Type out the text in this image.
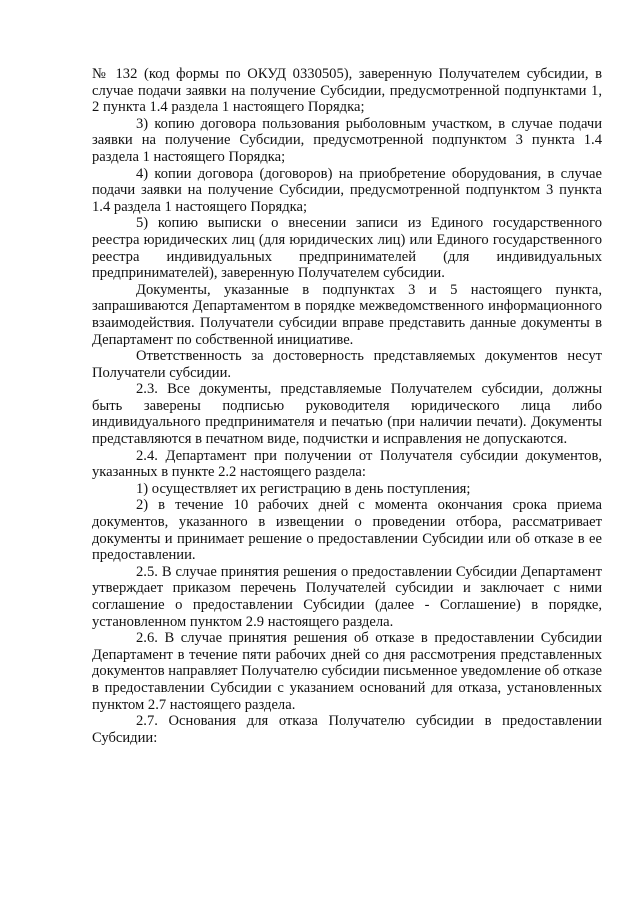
№ 132 (код формы по ОКУД 0330505), заверенную Получателем субсидии, в случае подачи заявки на получение Субсидии, предусмотренной подпунктами 1, 2 пункта 1.4 раздела 1 настоящего Порядка;

3) копию договора пользования рыболовным участком, в случае подачи заявки на получение Субсидии, предусмотренной подпунктом 3 пункта 1.4 раздела 1 настоящего Порядка;

4) копии договора (договоров) на приобретение оборудования, в случае подачи заявки на получение Субсидии, предусмотренной подпунктом 3 пункта 1.4 раздела 1 настоящего Порядка;

5) копию выписки о внесении записи из Единого государственного реестра юридических лиц (для юридических лиц) или Единого государственного реестра индивидуальных предпринимателей (для индивидуальных предпринимателей), заверенную Получателем субсидии.

Документы, указанные в подпунктах 3 и 5 настоящего пункта, запрашиваются Департаментом в порядке межведомственного информационного взаимодействия. Получатели субсидии вправе представить данные документы в Департамент по собственной инициативе.

Ответственность за достоверность представляемых документов несут Получатели субсидии.

2.3. Все документы, представляемые Получателем субсидии, должны быть заверены подписью руководителя юридического лица либо индивидуального предпринимателя и печатью (при наличии печати). Документы представляются в печатном виде, подчистки и исправления не допускаются.

2.4. Департамент при получении от Получателя субсидии документов, указанных в пункте 2.2 настоящего раздела:

1) осуществляет их регистрацию в день поступления;

2) в течение 10 рабочих дней с момента окончания срока приема документов, указанного в извещении о проведении отбора, рассматривает документы и принимает решение о предоставлении Субсидии или об отказе в ее предоставлении.

2.5. В случае принятия решения о предоставлении Субсидии Департамент утверждает приказом перечень Получателей субсидии и заключает с ними соглашение о предоставлении Субсидии (далее - Соглашение) в порядке, установленном пунктом 2.9 настоящего раздела.

2.6. В случае принятия решения об отказе в предоставлении Субсидии Департамент в течение пяти рабочих дней со дня рассмотрения представленных документов направляет Получателю субсидии письменное уведомление об отказе в предоставлении Субсидии с указанием оснований для отказа, установленных пунктом 2.7 настоящего раздела.

2.7. Основания для отказа Получателю субсидии в предоставлении Субсидии:
